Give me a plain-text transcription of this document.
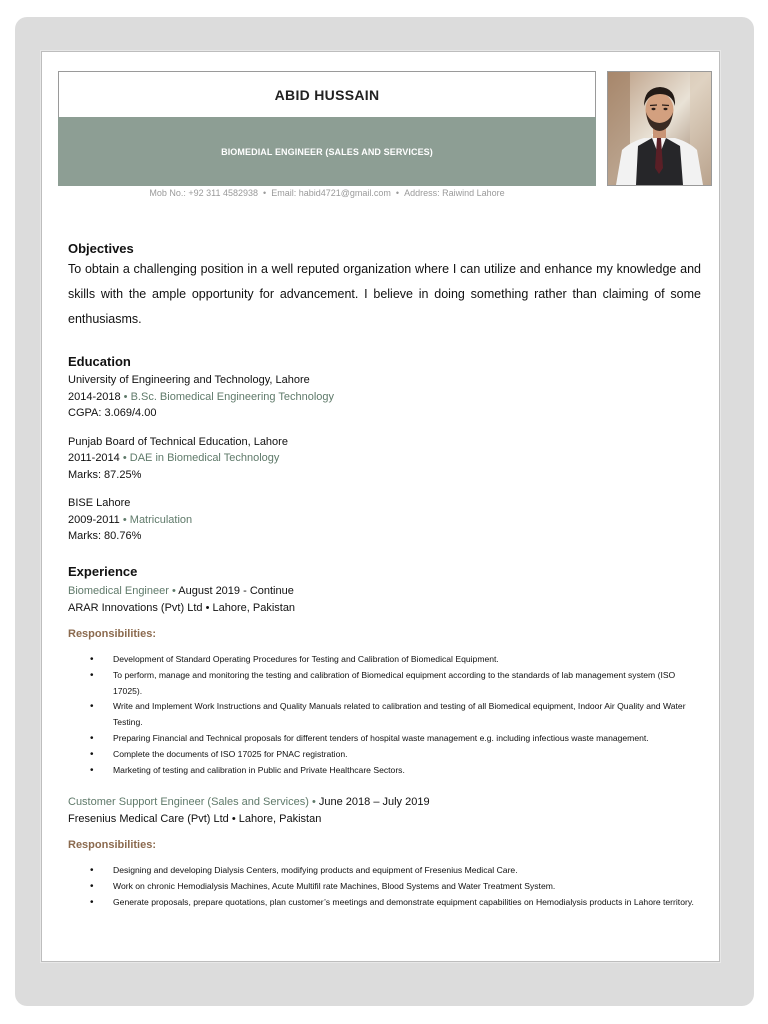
ABID HUSSAIN
BIOMEDIAL ENGINEER (SALES AND SERVICES)
Mob No.: +92 311 4582938 • Email: habid4721@gmail.com • Address: Raiwind Lahore
Objectives

To obtain a challenging position in a well reputed organization where I can utilize and enhance my knowledge and skills with the ample opportunity for advancement. I believe in doing something rather than claiming of some enthusiasms.

Education

University of Engineering and Technology, Lahore

2014-2018 • B.Sc. Biomedical Engineering Technology

CGPA: 3.069/4.00

Punjab Board of Technical Education, Lahore

2011-2014 • DAE in Biomedical Technology

Marks: 87.25%

BISE Lahore

2009-2011 • Matriculation

Marks: 80.76%

Experience

Biomedical Engineer • August 2019 - Continue

ARAR Innovations (Pvt) Ltd • Lahore, Pakistan

Responsibilities:

• Development of Standard Operating Procedures for Testing and Calibration of Biomedical Equipment.
• To perform, manage and monitoring the testing and calibration of Biomedical equipment according to the standards of lab management system (ISO 17025).
• Write and Implement Work Instructions and Quality Manuals related to calibration and testing of all Biomedical equipment, Indoor Air Quality and Water Testing.
• Preparing Financial and Technical proposals for different tenders of hospital waste management e.g. including infectious waste management.
• Complete the documents of ISO 17025 for PNAC registration.
• Marketing of testing and calibration in Public and Private Healthcare Sectors.

Customer Support Engineer (Sales and Services) • June 2018 – July 2019

Fresenius Medical Care (Pvt) Ltd • Lahore, Pakistan

Responsibilities:

• Designing and developing Dialysis Centers, modifying products and equipment of Fresenius Medical Care.
• Work on chronic Hemodialysis Machines, Acute Multifil rate Machines, Blood Systems and Water Treatment System.
• Generate proposals, prepare quotations, plan customer’s meetings and demonstrate equipment capabilities on Hemodialysis products in Lahore territory.
